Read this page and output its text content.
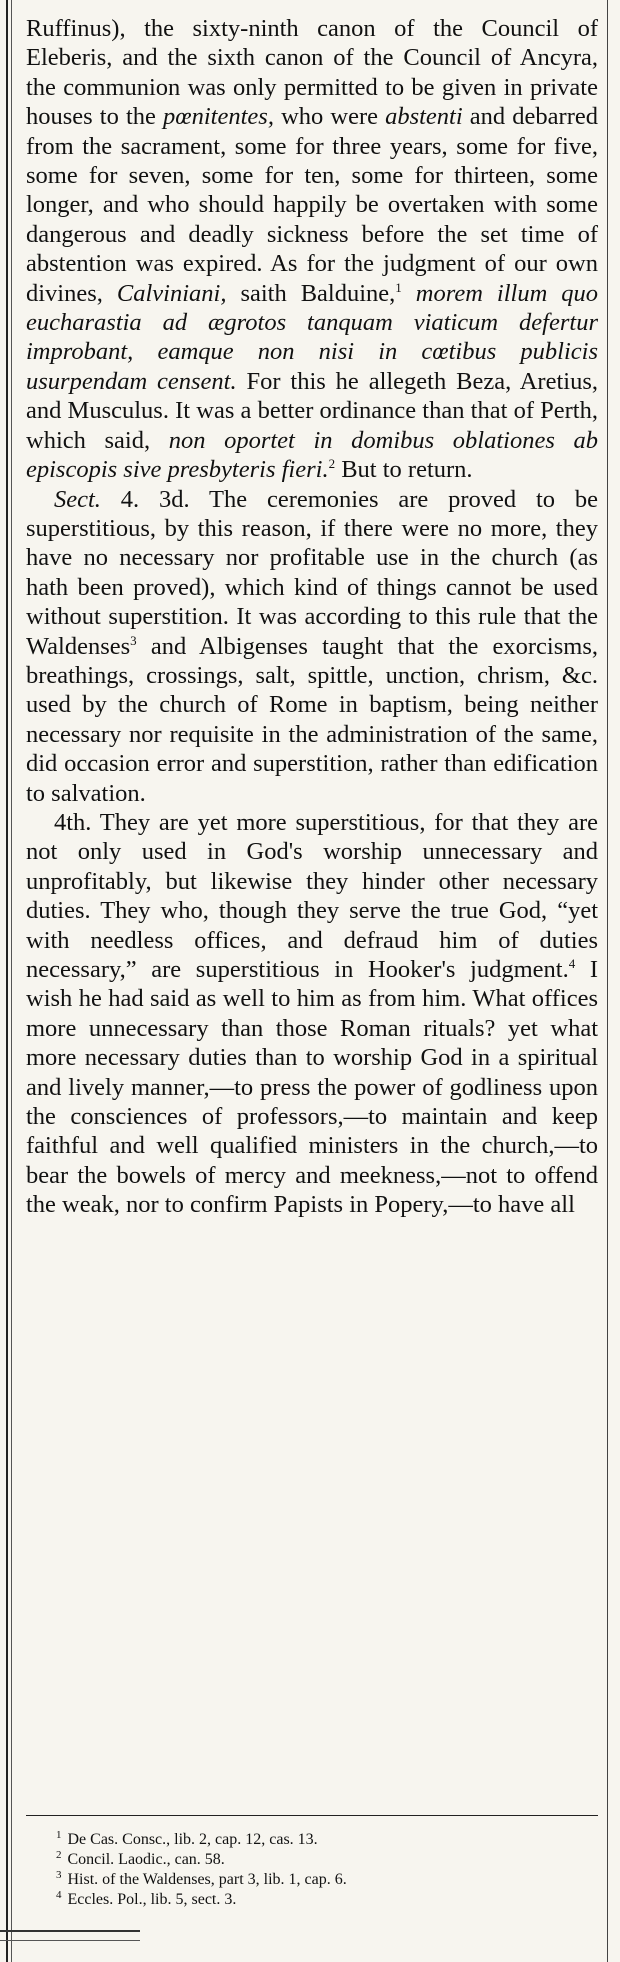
Ruffinus), the sixty-ninth canon of the Council of Eleberis, and the sixth canon of the Council of Ancyra, the communion was only permitted to be given in private houses to the pœnitentes, who were abstenti and debarred from the sacrament, some for three years, some for five, some for seven, some for ten, some for thirteen, some longer, and who should happily be overtaken with some dangerous and deadly sickness before the set time of abstention was expired. As for the judgment of our own divines, Calviniani, saith Balduine,$^1$ morem illum quo eucharastia ad ægrotos tanquam viaticum defertur improbant, eamque non nisi in cœtibus publicis usurpendam censent. For this he allegeth Beza, Aretius, and Musculus. It was a better ordinance than that of Perth, which said, non oportet in domibus oblationes ab episcopis sive presbyteris fieri.$^2$ But to return.

Sect. 4. 3d. The ceremonies are proved to be superstitious, by this reason, if there were no more, they have no necessary nor profitable use in the church (as hath been proved), which kind of things cannot be used without superstition. It was according to this rule that the Waldenses$^3$ and Albigenses taught that the exorcisms, breathings, crossings, salt, spittle, unction, chrism, &c. used by the church of Rome in baptism, being neither necessary nor requisite in the administration of the same, did occasion error and superstition, rather than edification to salvation.

4th. They are yet more superstitious, for that they are not only used in God's worship unnecessary and unprofitably, but likewise they hinder other necessary duties. They who, though they serve the true God, “yet with needless offices, and defraud him of duties necessary,” are superstitious in Hooker's judgment.$^4$ I wish he had said as well to him as from him. What offices more unnecessary than those Roman rituals? yet what more necessary duties than to worship God in a spiritual and lively manner,—to press the power of godliness upon the consciences of professors,—to maintain and keep faithful and well qualified ministers in the church,—to bear the bowels of mercy and meekness,—not to offend the weak, nor to confirm Papists in Popery,—to have all

$^1$ De Cas. Consc., lib. 2, cap. 12, cas. 13.
$^2$ Concil. Laodic., can. 58.
$^3$ Hist. of the Waldenses, part 3, lib. 1, cap. 6.
$^4$ Eccles. Pol., lib. 5, sect. 3.
